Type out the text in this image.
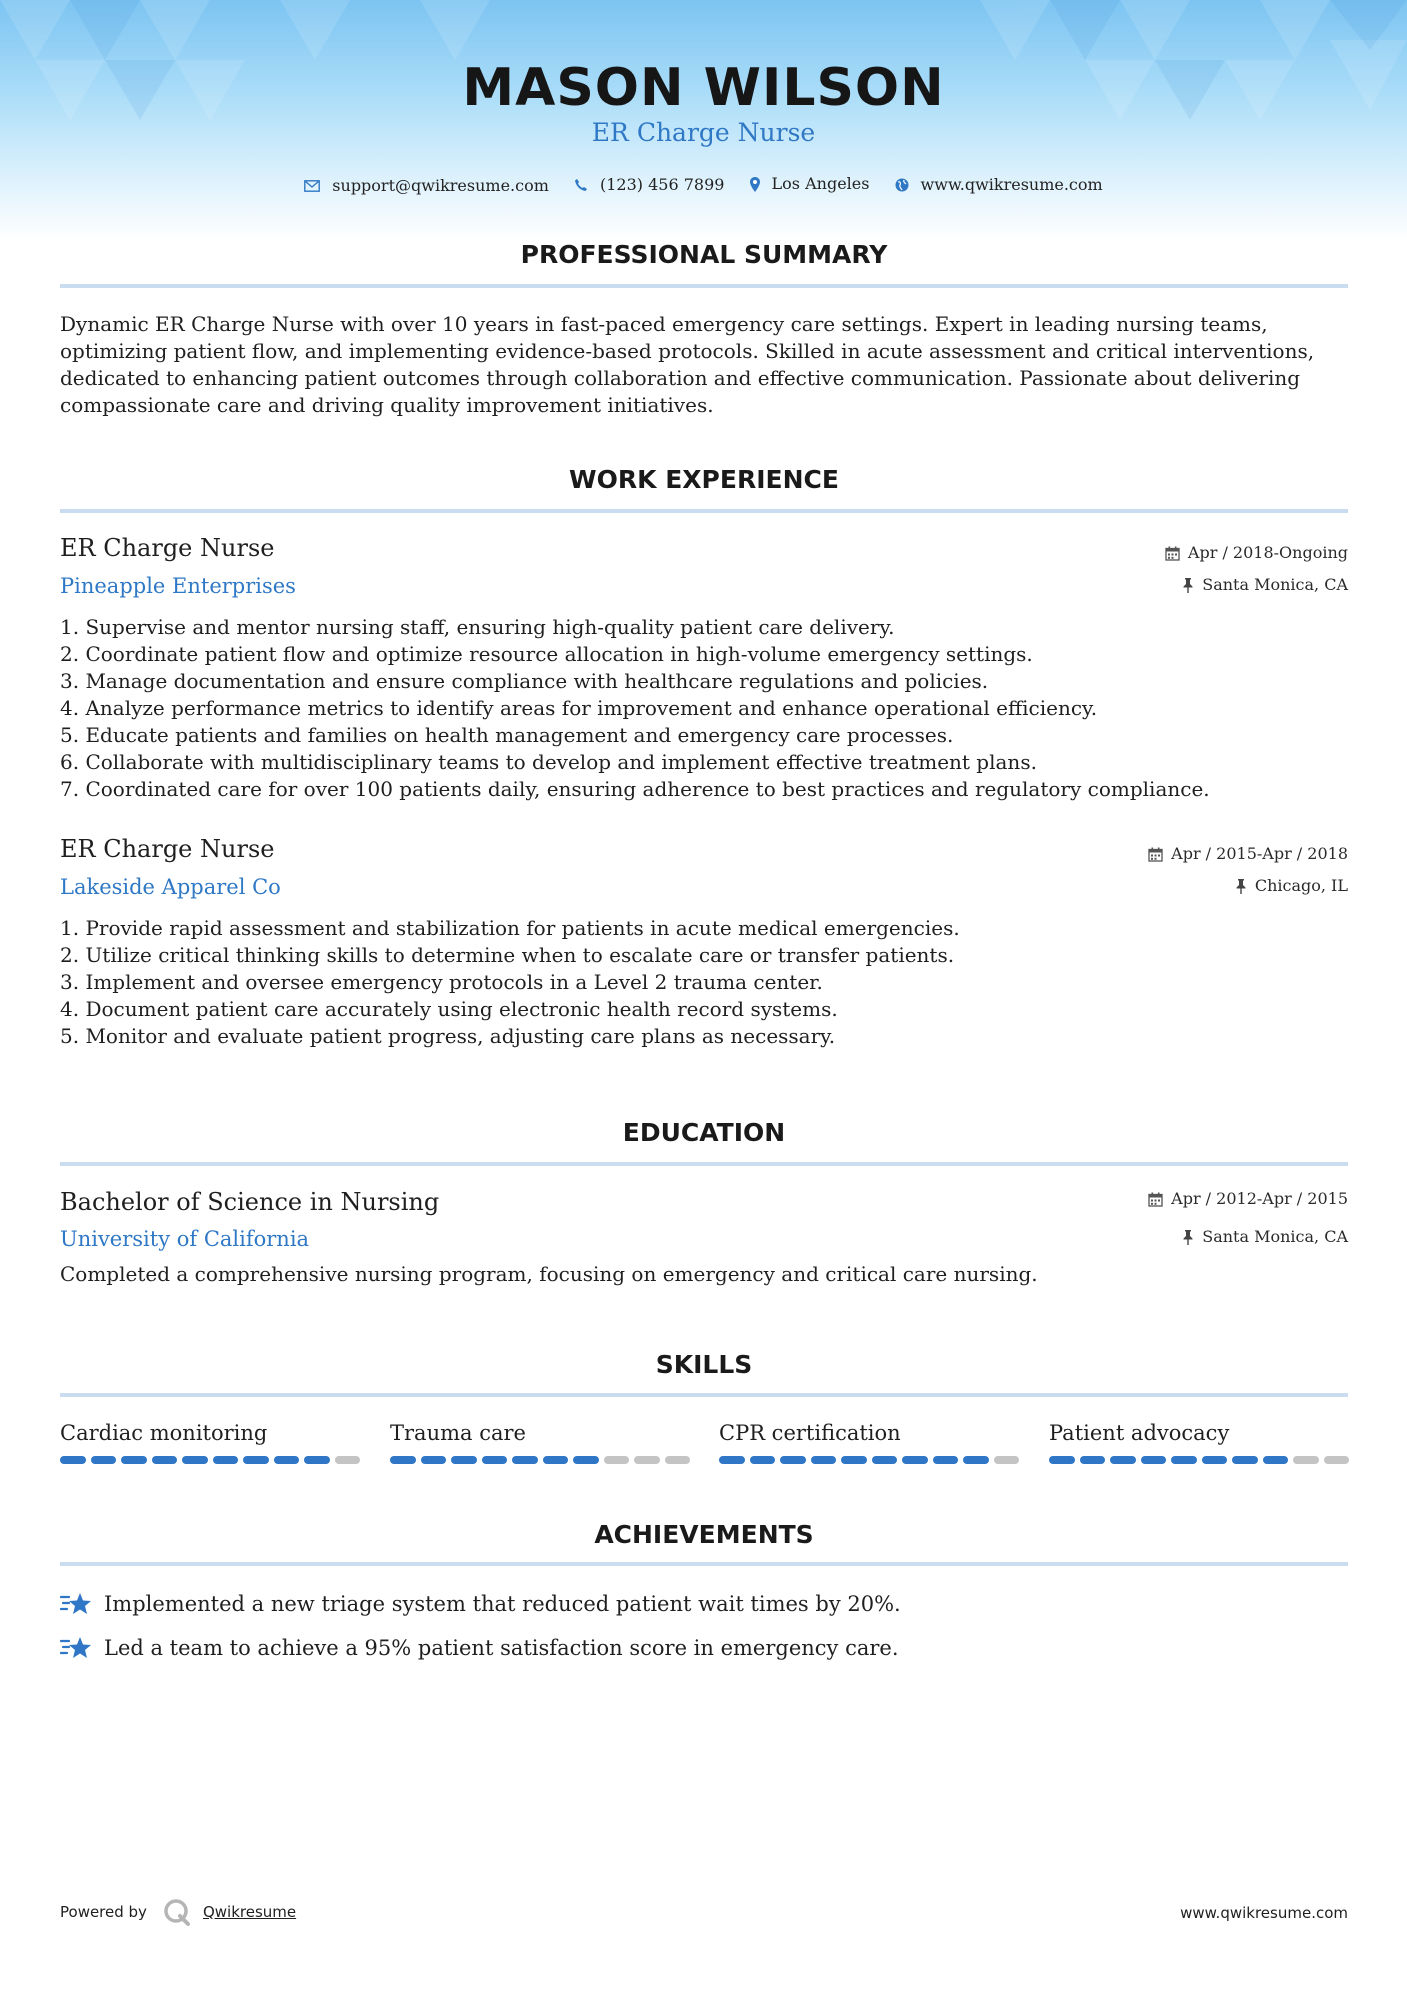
MASON WILSON
ER Charge Nurse
support@qwikresume.com
	(123) 456 7899
	Los Angeles
	www.qwikresume.com
PROFESSIONAL SUMMARY
Dynamic ER Charge Nurse with over 10 years in fast-paced emergency care settings. Expert in leading nursing teams, optimizing patient flow, and implementing evidence-based protocols. Skilled in acute assessment and critical interventions, dedicated to enhancing patient outcomes through collaboration and effective communication. Passionate about delivering compassionate care and driving quality improvement initiatives.
WORK EXPERIENCE
ER Charge Nurse	Apr / 2018-Ongoing
Pineapple Enterprises	Santa Monica, CA
1. Supervise and mentor nursing staff, ensuring high-quality patient care delivery.
2. Coordinate patient flow and optimize resource allocation in high-volume emergency settings.
3. Manage documentation and ensure compliance with healthcare regulations and policies.
4. Analyze performance metrics to identify areas for improvement and enhance operational efficiency.
5. Educate patients and families on health management and emergency care processes.
6. Collaborate with multidisciplinary teams to develop and implement effective treatment plans.
7. Coordinated care for over 100 patients daily, ensuring adherence to best practices and regulatory compliance.
ER Charge Nurse	Apr / 2015-Apr / 2018
Lakeside Apparel Co	Chicago, IL
1. Provide rapid assessment and stabilization for patients in acute medical emergencies.
2. Utilize critical thinking skills to determine when to escalate care or transfer patients.
3. Implement and oversee emergency protocols in a Level 2 trauma center.
4. Document patient care accurately using electronic health record systems.
5. Monitor and evaluate patient progress, adjusting care plans as necessary.
EDUCATION
Bachelor of Science in Nursing	Apr / 2012-Apr / 2015
University of California	Santa Monica, CA
Completed a comprehensive nursing program, focusing on emergency and critical care nursing.
SKILLS
Cardiac monitoring	Trauma care	CPR certification	Patient advocacy
ACHIEVEMENTS
Implemented a new triage system that reduced patient wait times by 20%.
Led a team to achieve a 95% patient satisfaction score in emergency care.
Powered by	Qwikresume	www.qwikresume.com
